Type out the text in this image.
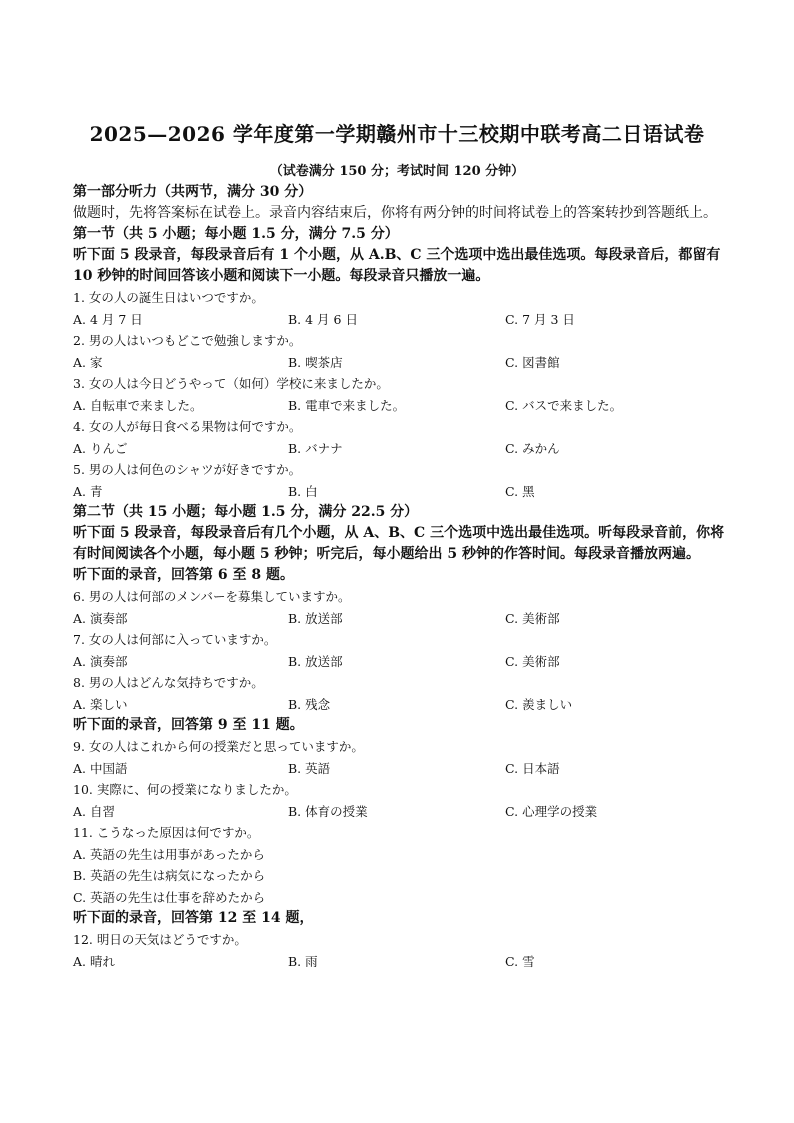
2025—2026 学年度第一学期赣州市十三校期中联考高二日语试卷
（试卷满分 150 分；考试时间 120 分钟）

第一部分听力（共两节，满分 30 分）

做题时，先将答案标在试卷上。录音内容结束后，你将有两分钟的时间将试卷上的答案转抄到答题纸上。

第一节（共 5 小题；每小题 1.5 分，满分 7.5 分）

听下面 5 段录音，每段录音后有 1 个小题，从 A.B、C 三个选项中选出最佳选项。每段录音后，都留有 10 秒钟的时间回答该小题和阅读下一小题。每段录音只播放一遍。

1. 女の人の誕生日はいつですか。

A. 4 月 7 日	B. 4 月 6 日	C. 7 月 3 日

2. 男の人はいつもどこで勉強しますか。

A. 家	B. 喫茶店	C. 図書館

3. 女の人は今日どうやって（如何）学校に来ましたか。

A. 自転車で来ました。	B. 電車で来ました。	C. バスで来ました。

4. 女の人が毎日食べる果物は何ですか。

A. りんご	B. バナナ	C. みかん

5. 男の人は何色のシャツが好きですか。

A. 青	B. 白	C. 黑

第二节（共 15 小题；每小题 1.5 分，满分 22.5 分）

听下面 5 段录音，每段录音后有几个小题，从 A、B、C 三个选项中选出最佳选项。听每段录音前，你将有时间阅读各个小题，每小题 5 秒钟；听完后，每小题给出 5 秒钟的作答时间。每段录音播放两遍。

听下面的录音，回答第 6 至 8 题。

6. 男の人は何部のメンバーを募集していますか。

A. 演奏部	B. 放送部	C. 美術部

7. 女の人は何部に入っていますか。

A. 演奏部	B. 放送部	C. 美術部

8. 男の人はどんな気持ちですか。

A. 楽しい	B. 残念	C. 羨ましい

听下面的录音，回答第 9 至 11 题。

9. 女の人はこれから何の授業だと思っていますか。

A. 中国語	B. 英語	C. 日本語

10. 実際に、何の授業になりましたか。

A. 自習	B. 体育の授業	C. 心理学の授業

11. こうなった原因は何ですか。

A. 英語の先生は用事があったから

B. 英語の先生は病気になったから

C. 英語の先生は仕事を辞めたから

听下面的录音，回答第 12 至 14 题，

12. 明日の天気はどうですか。

A. 晴れ	B. 雨	C. 雪
